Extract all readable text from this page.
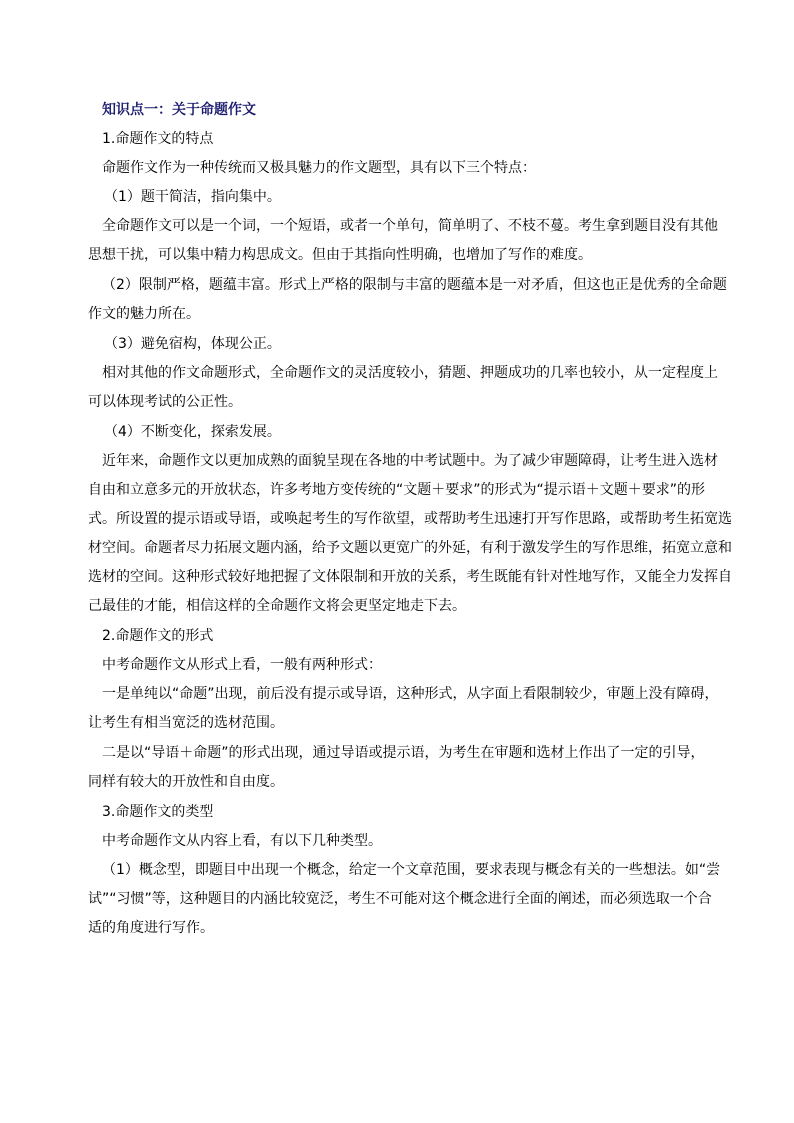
知识点一：关于命题作文
1.命题作文的特点
命题作文作为一种传统而又极具魅力的作文题型，具有以下三个特点：
（1）题干简洁，指向集中。
全命题作文可以是一个词，一个短语，或者一个单句，简单明了、不枝不蔓。考生拿到题目没有其他
思想干扰，可以集中精力构思成文。但由于其指向性明确，也增加了写作的难度。
（2）限制严格，题蕴丰富。形式上严格的限制与丰富的题蕴本是一对矛盾，但这也正是优秀的全命题
作文的魅力所在。
（3）避免宿构，体现公正。
相对其他的作文命题形式，全命题作文的灵活度较小，猜题、押题成功的几率也较小，从一定程度上
可以体现考试的公正性。
（4）不断变化，探索发展。
近年来，命题作文以更加成熟的面貌呈现在各地的中考试题中。为了减少审题障碍，让考生进入选材
自由和立意多元的开放状态，许多考地方变传统的“文题＋要求”的形式为“提示语＋文题＋要求”的形
式。所设置的提示语或导语，或唤起考生的写作欲望，或帮助考生迅速打开写作思路，或帮助考生拓宽选
材空间。命题者尽力拓展文题内涵，给予文题以更宽广的外延，有利于激发学生的写作思维，拓宽立意和
选材的空间。这种形式较好地把握了文体限制和开放的关系，考生既能有针对性地写作，又能全力发挥自
己最佳的才能，相信这样的全命题作文将会更坚定地走下去。
2.命题作文的形式
中考命题作文从形式上看，一般有两种形式：
一是单纯以“命题”出现，前后没有提示或导语，这种形式，从字面上看限制较少，审题上没有障碍，
让考生有相当宽泛的选材范围。
二是以“导语＋命题”的形式出现，通过导语或提示语，为考生在审题和选材上作出了一定的引导，
同样有较大的开放性和自由度。
3.命题作文的类型
中考命题作文从内容上看，有以下几种类型。
（1）概念型，即题目中出现一个概念，给定一个文章范围，要求表现与概念有关的一些想法。如“尝
试”“习惯”等，这种题目的内涵比较宽泛，考生不可能对这个概念进行全面的阐述，而必须选取一个合
适的角度进行写作。
